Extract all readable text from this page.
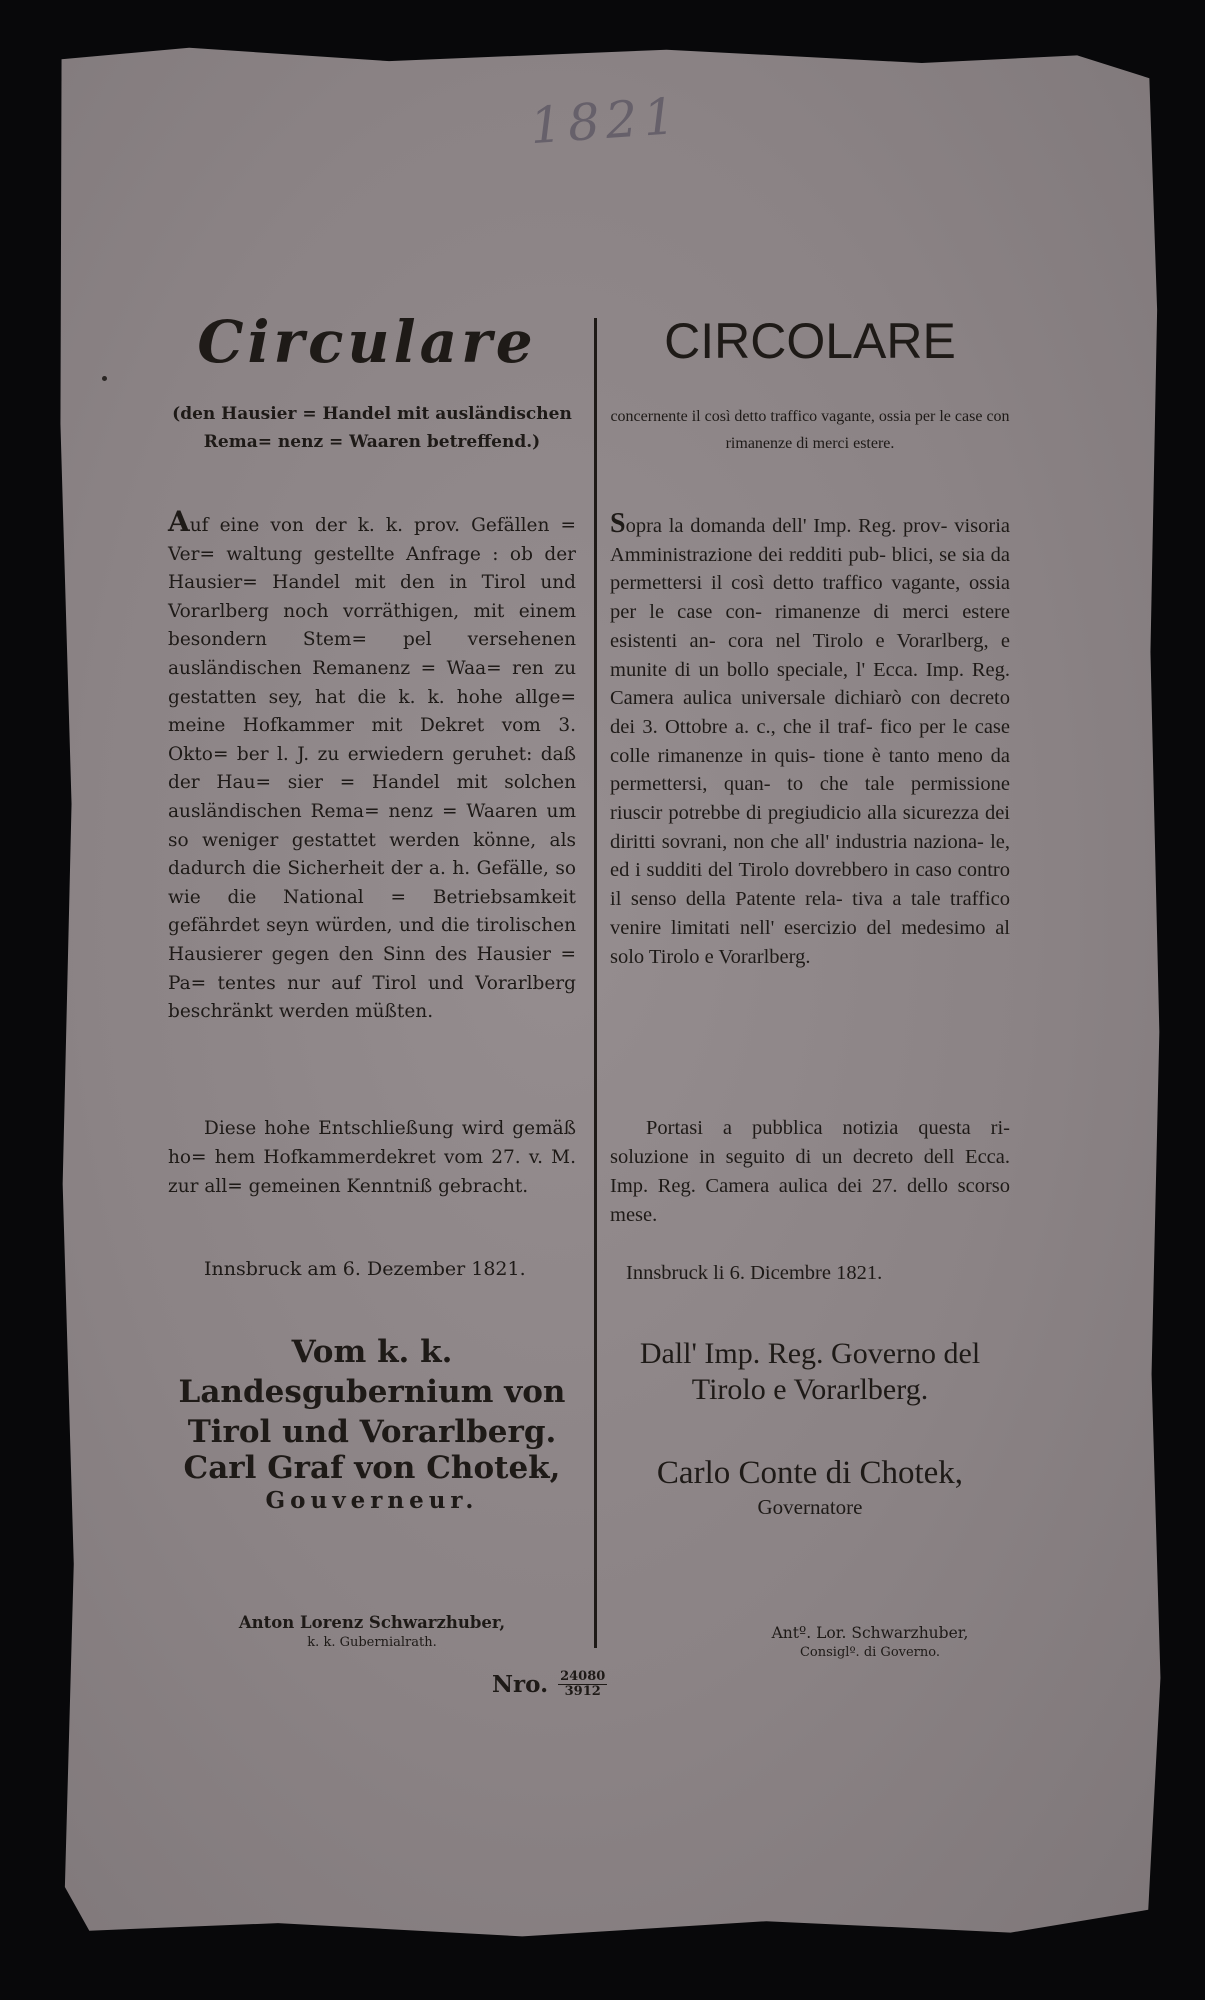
1821
Circulare
(den Hausier = Handel mit ausländischen Rema= nenz = Waaren betreffend.)
Auf eine von der k. k. prov. Gefällen = Ver= waltung gestellte Anfrage : ob der Hausier= Handel mit den in Tirol und Vorarlberg noch vorräthigen, mit einem besondern Stem= pel versehenen ausländischen Remanenz = Waa= ren zu gestatten sey, hat die k. k. hohe allge= meine Hofkammer mit Dekret vom 3. Okto= ber l. J. zu erwiedern geruhet: daß der Hau= sier = Handel mit solchen ausländischen Rema= nenz = Waaren um so weniger gestattet werden könne, als dadurch die Sicherheit der a. h. Gefälle, so wie die National = Betriebsamkeit gefährdet seyn würden, und die tirolischen Hausierer gegen den Sinn des Hausier = Pa= tentes nur auf Tirol und Vorarlberg beschränkt werden müßten.
Diese hohe Entschließung wird gemäß ho= hem Hofkammerdekret vom 27. v. M. zur all= gemeinen Kenntniß gebracht.
Innsbruck am 6. Dezember 1821.
Vom k. k. Landesgubernium von
Tirol und Vorarlberg.
Carl Graf von Chotek,
Gouverneur.
Anton Lorenz Schwarzhuber,
k. k. Gubernialrath.
CIRCOLARE
concernente il così detto traffico vagante, ossia per le case con rimanenze di merci estere.
Sopra la domanda dell' Imp. Reg. prov- visoria Amministrazione dei redditi pub- blici, se sia da permettersi il così detto traffico vagante, ossia per le case con- rimanenze di merci estere esistenti an- cora nel Tirolo e Vorarlberg, e munite di un bollo speciale, l' Ecca. Imp. Reg. Camera aulica universale dichiarò con decreto dei 3. Ottobre a. c., che il traf- fico per le case colle rimanenze in quis- tione è tanto meno da permettersi, quan- to che tale permissione riuscir potrebbe di pregiudicio alla sicurezza dei diritti sovrani, non che all' industria naziona- le, ed i sudditi del Tirolo dovrebbero in caso contro il senso della Patente rela- tiva a tale traffico venire limitati nell' esercizio del medesimo al solo Tirolo e Vorarlberg.
Portasi a pubblica notizia questa ri- soluzione in seguito di un decreto dell Ecca. Imp. Reg. Camera aulica dei 27. dello scorso mese.
Innsbruck li 6. Dicembre 1821.
Dall' Imp. Reg. Governo del
Tirolo e Vorarlberg.
Carlo Conte di Chotek,
Governatore
Antº. Lor. Schwarzhuber,
Consiglº. di Governo.
Nro. $\frac{24080}{3912}$
